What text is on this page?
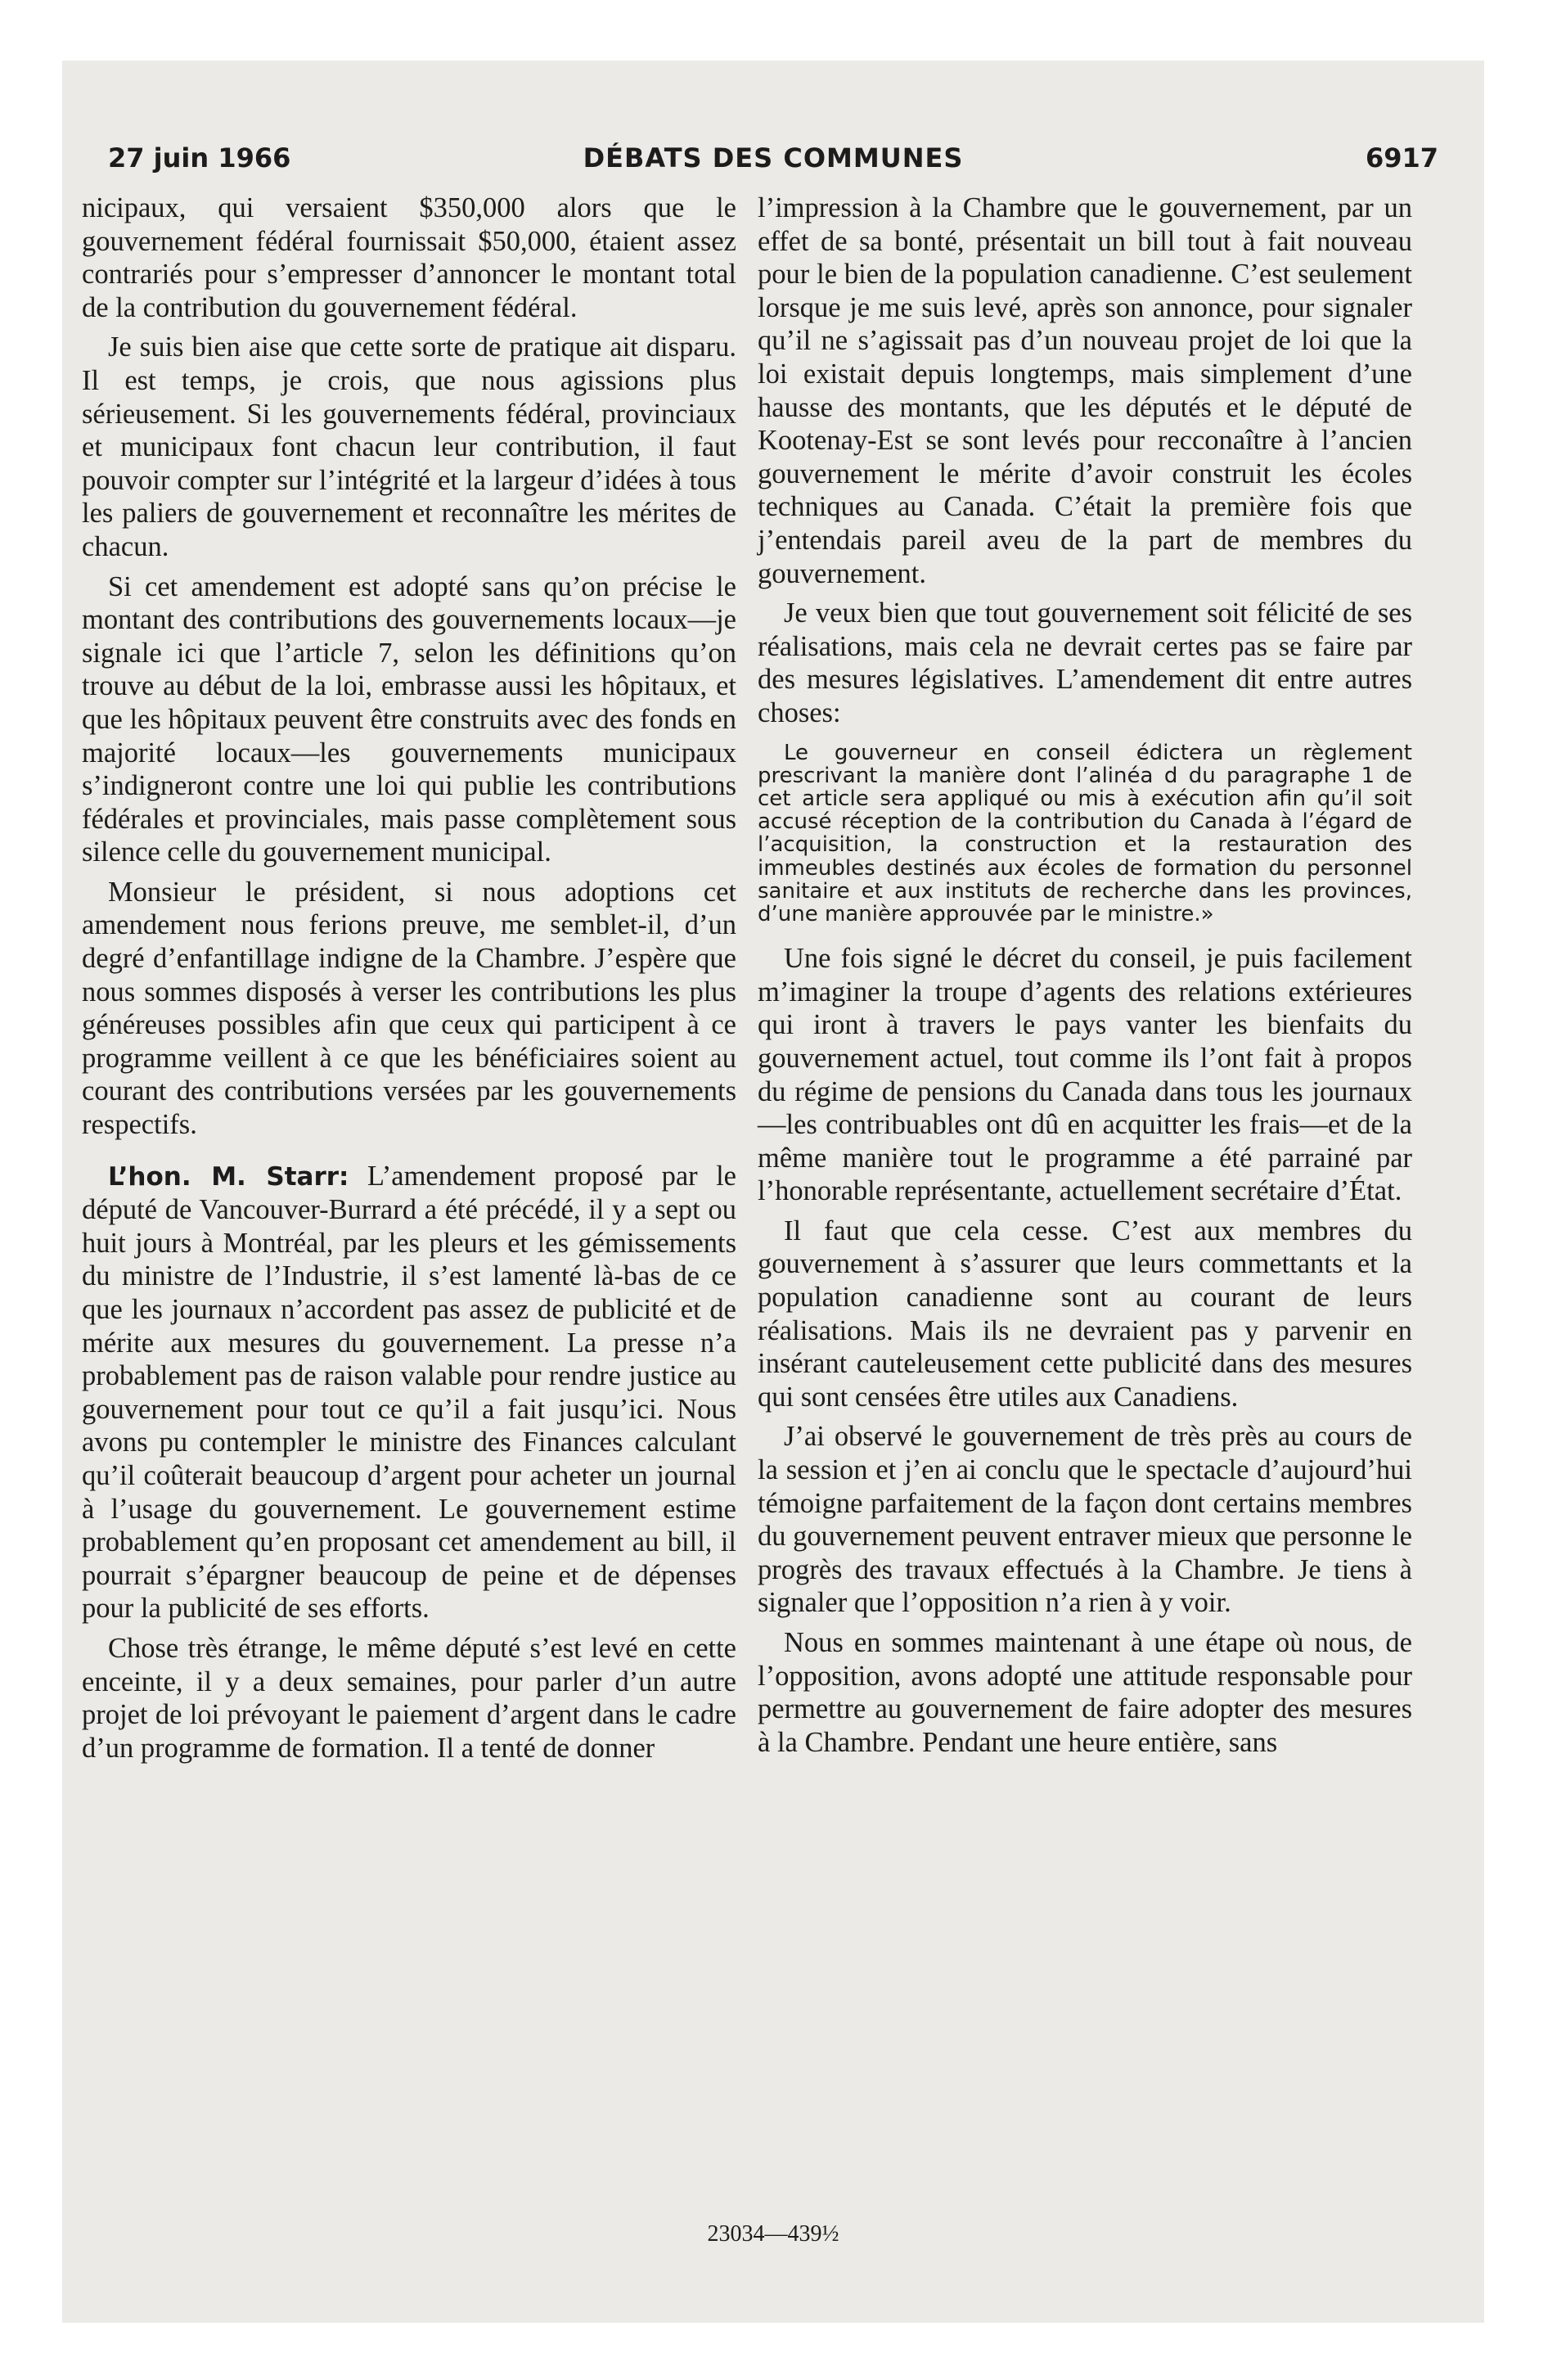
27 juin 1966	DÉBATS DES COMMUNES	6917

nicipaux, qui versaient $350,000 alors que le gouvernement fédéral fournissait $50,000, étaient assez contrariés pour s’empresser d’annoncer le montant total de la contribution du gouvernement fédéral.

Je suis bien aise que cette sorte de pratique ait disparu. Il est temps, je crois, que nous agissions plus sérieusement. Si les gouvernements fédéral, provinciaux et municipaux font chacun leur contribution, il faut pouvoir compter sur l’intégrité et la largeur d’idées à tous les paliers de gouvernement et reconnaître les mérites de chacun.

Si cet amendement est adopté sans qu’on précise le montant des contributions des gouvernements locaux—je signale ici que l’article 7, selon les définitions qu’on trouve au début de la loi, embrasse aussi les hôpitaux, et que les hôpitaux peuvent être construits avec des fonds en majorité locaux—les gouvernements municipaux s’indigneront contre une loi qui publie les contributions fédérales et provinciales, mais passe complètement sous silence celle du gouvernement municipal.

Monsieur le président, si nous adoptions cet amendement nous ferions preuve, me semblet-il, d’un degré d’enfantillage indigne de la Chambre. J’espère que nous sommes disposés à verser les contributions les plus généreuses possibles afin que ceux qui participent à ce programme veillent à ce que les bénéficiaires soient au courant des contributions versées par les gouvernements respectifs.

L’hon. M. Starr: L’amendement proposé par le député de Vancouver-Burrard a été précédé, il y a sept ou huit jours à Montréal, par les pleurs et les gémissements du ministre de l’Industrie, il s’est lamenté là-bas de ce que les journaux n’accordent pas assez de publicité et de mérite aux mesures du gouvernement. La presse n’a probablement pas de raison valable pour rendre justice au gouvernement pour tout ce qu’il a fait jusqu’ici. Nous avons pu contempler le ministre des Finances calculant qu’il coûterait beaucoup d’argent pour acheter un journal à l’usage du gouvernement. Le gouvernement estime probablement qu’en proposant cet amendement au bill, il pourrait s’épargner beaucoup de peine et de dépenses pour la publicité de ses efforts.

Chose très étrange, le même député s’est levé en cette enceinte, il y a deux semaines, pour parler d’un autre projet de loi prévoyant le paiement d’argent dans le cadre d’un programme de formation. Il a tenté de donner

l’impression à la Chambre que le gouvernement, par un effet de sa bonté, présentait un bill tout à fait nouveau pour le bien de la population canadienne. C’est seulement lorsque je me suis levé, après son annonce, pour signaler qu’il ne s’agissait pas d’un nouveau projet de loi que la loi existait depuis longtemps, mais simplement d’une hausse des montants, que les députés et le député de Kootenay-Est se sont levés pour recconaître à l’ancien gouvernement le mérite d’avoir construit les écoles techniques au Canada. C’était la première fois que j’entendais pareil aveu de la part de membres du gouvernement.

Je veux bien que tout gouvernement soit félicité de ses réalisations, mais cela ne devrait certes pas se faire par des mesures législatives. L’amendement dit entre autres choses:

Le gouverneur en conseil édictera un règlement prescrivant la manière dont l’alinéa d du paragraphe 1 de cet article sera appliqué ou mis à exécution afin qu’il soit accusé réception de la contribution du Canada à l’égard de l’acquisition, la construction et la restauration des immeubles destinés aux écoles de formation du personnel sanitaire et aux instituts de recherche dans les provinces, d’une manière approuvée par le ministre.»

Une fois signé le décret du conseil, je puis facilement m’imaginer la troupe d’agents des relations extérieures qui iront à travers le pays vanter les bienfaits du gouvernement actuel, tout comme ils l’ont fait à propos du régime de pensions du Canada dans tous les journaux—les contribuables ont dû en acquitter les frais—et de la même manière tout le programme a été parrainé par l’honorable représentante, actuellement secrétaire d’État.

Il faut que cela cesse. C’est aux membres du gouvernement à s’assurer que leurs commettants et la population canadienne sont au courant de leurs réalisations. Mais ils ne devraient pas y parvenir en insérant cauteleusement cette publicité dans des mesures qui sont censées être utiles aux Canadiens.

J’ai observé le gouvernement de très près au cours de la session et j’en ai conclu que le spectacle d’aujourd’hui témoigne parfaitement de la façon dont certains membres du gouvernement peuvent entraver mieux que personne le progrès des travaux effectués à la Chambre. Je tiens à signaler que l’opposition n’a rien à y voir.

Nous en sommes maintenant à une étape où nous, de l’opposition, avons adopté une attitude responsable pour permettre au gouvernement de faire adopter des mesures à la Chambre. Pendant une heure entière, sans

23034—439½
